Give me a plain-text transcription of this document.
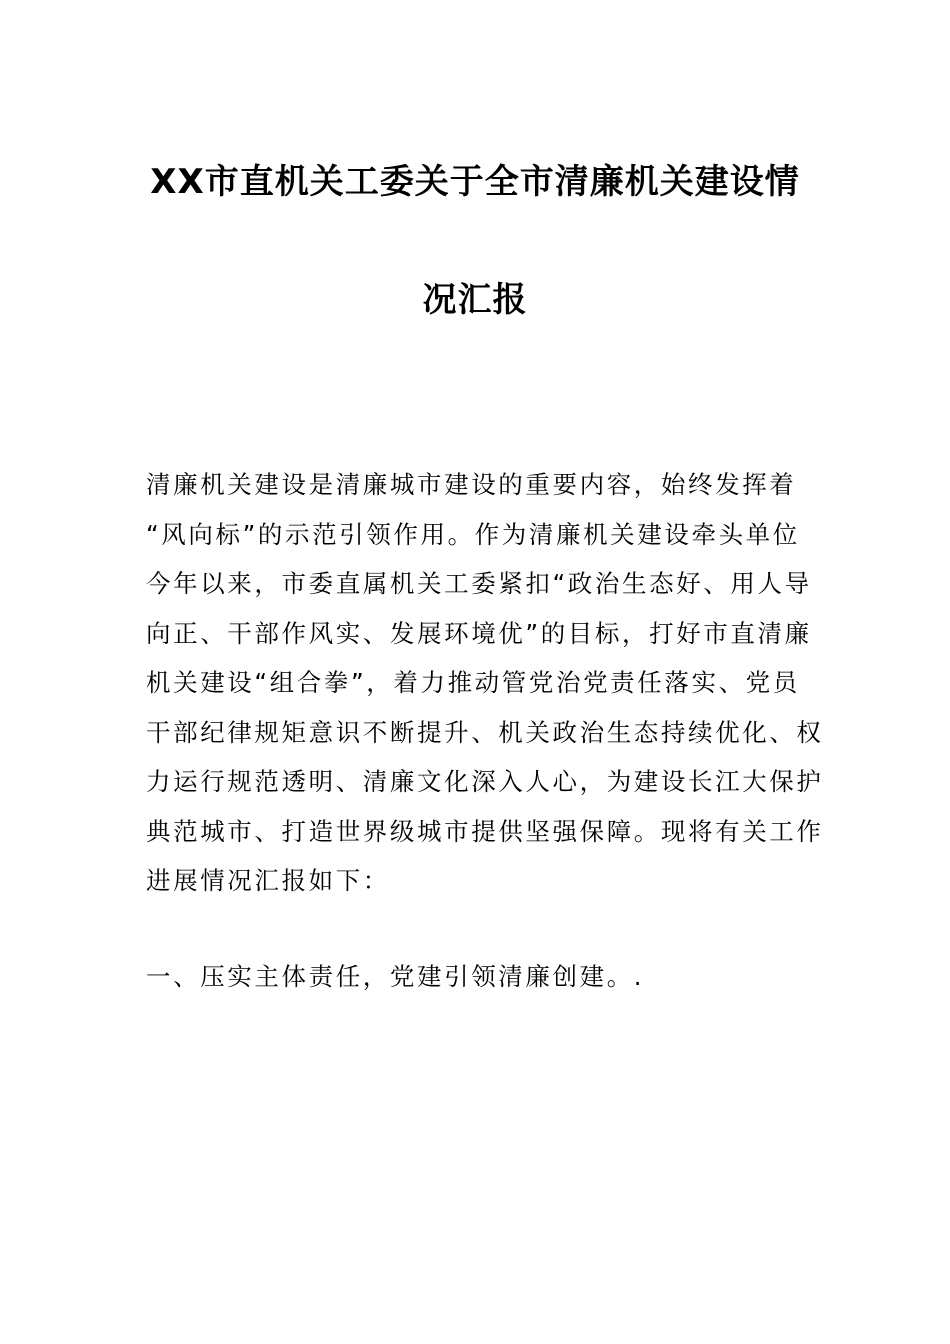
XX市直机关工委关于全市清廉机关建设情
况汇报

清廉机关建设是清廉城市建设的重要内容，始终发挥着
“风向标”的示范引领作用。作为清廉机关建设牵头单位
今年以来，市委直属机关工委紧扣“政治生态好、用人导
向正、干部作风实、发展环境优”的目标，打好市直清廉
机关建设“组合拳”，着力推动管党治党责任落实、党员
干部纪律规矩意识不断提升、机关政治生态持续优化、权
力运行规范透明、清廉文化深入人心，为建设长江大保护
典范城市、打造世界级城市提供坚强保障。现将有关工作
进展情况汇报如下：

一、压实主体责任，党建引领清廉创建。.
